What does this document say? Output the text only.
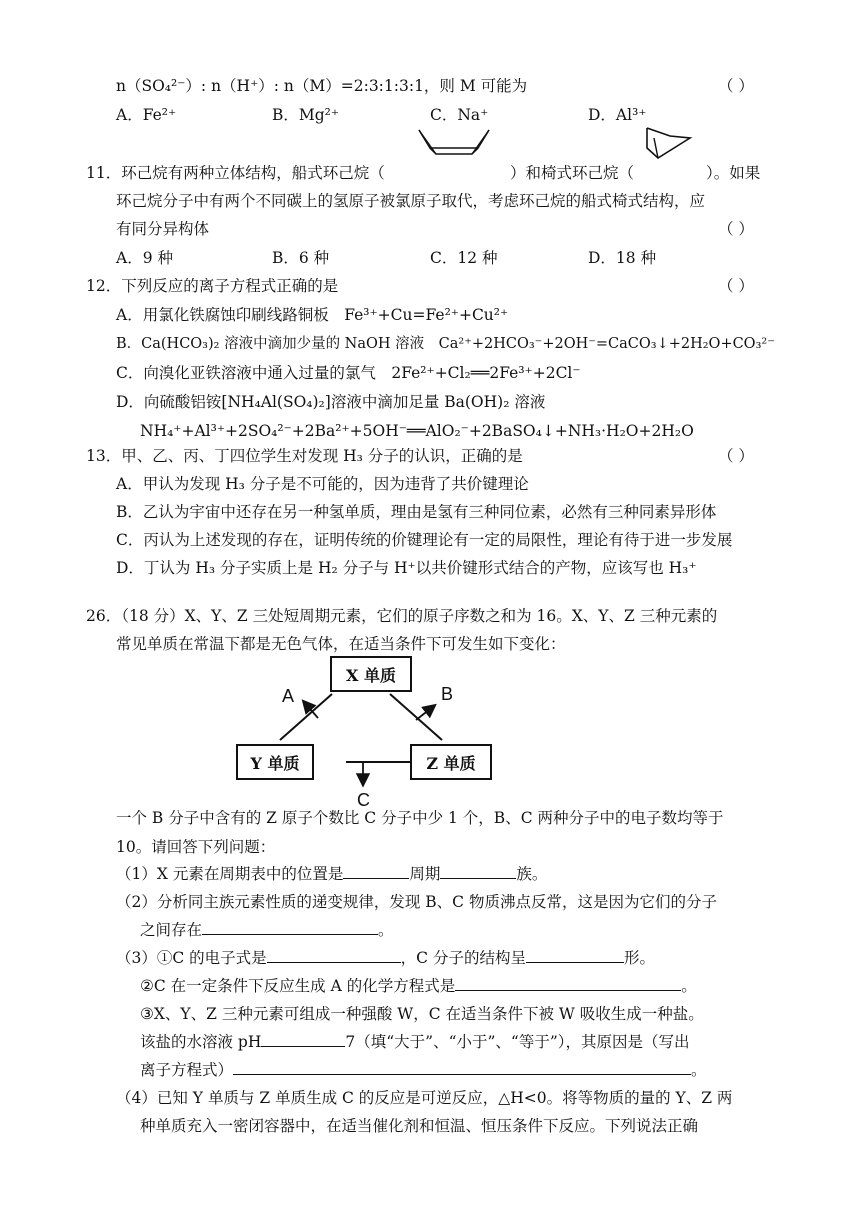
n（SO₄²⁻）: n（H⁺）: n（M）=2:3:1:3:1，则 M 可能为	（ ）
A．Fe²⁺	B．Mg²⁺	C．Na⁺	D．Al³⁺
11．环己烷有两种立体结构，船式环己烷（	）和椅式环己烷（	）。如果
环己烷分子中有两个不同碳上的氢原子被氯原子取代，考虑环己烷的船式椅式结构，应
有同分异构体	（ ）
A．9 种	B．6 种	C．12 种	D．18 种
12．下列反应的离子方程式正确的是	（ ）
A．用氯化铁腐蚀印刷线路铜板　Fe³⁺+Cu=Fe²⁺+Cu²⁺
B．Ca(HCO₃)₂ 溶液中滴加少量的 NaOH 溶液　Ca²⁺+2HCO₃⁻+2OH⁻=CaCO₃↓+2H₂O+CO₃²⁻
C．向溴化亚铁溶液中通入过量的氯气　2Fe²⁺+Cl₂══2Fe³⁺+2Cl⁻
D．向硫酸铝铵[NH₄Al(SO₄)₂]溶液中滴加足量 Ba(OH)₂ 溶液
NH₄⁺+Al³⁺+2SO₄²⁻+2Ba²⁺+5OH⁻══AlO₂⁻+2BaSO₄↓+NH₃·H₂O+2H₂O
13．甲、乙、丙、丁四位学生对发现 H₃ 分子的认识，正确的是	（ ）
A．甲认为发现 H₃ 分子是不可能的，因为违背了共价键理论
B．乙认为宇宙中还存在另一种氢单质，理由是氢有三种同位素，必然有三种同素异形体
C．丙认为上述发现的存在，证明传统的价键理论有一定的局限性，理论有待于进一步发展
D．丁认为 H₃ 分子实质上是 H₂ 分子与 H⁺以共价键形式结合的产物，应该写也 H₃⁺
26．（18 分）X、Y、Z 三处短周期元素，它们的原子序数之和为 16。X、Y、Z 三种元素的
常见单质在常温下都是无色气体，在适当条件下可发生如下变化：
X 单质
Y 单质	Z 单质
A	B
C
一个 B 分子中含有的 Z 原子个数比 C 分子中少 1 个，B、C 两种分子中的电子数均等于
10。请回答下列问题：
（1）X 元素在周期表中的位置是	周期	族。
（2）分析同主族元素性质的递变规律，发现 B、C 物质沸点反常，这是因为它们的分子
之间存在	。
（3）①C 的电子式是	，C 分子的结构呈	形。
②C 在一定条件下反应生成 A 的化学方程式是	。
③X、Y、Z 三种元素可组成一种强酸 W，C 在适当条件下被 W 吸收生成一种盐。
该盐的水溶液 pH	7（填“大于”、“小于”、“等于”），其原因是（写出
离子方程式）	。
（4）已知 Y 单质与 Z 单质生成 C 的反应是可逆反应，△H<0。将等物质的量的 Y、Z 两
种单质充入一密闭容器中，在适当催化剂和恒温、恒压条件下反应。下列说法正确
